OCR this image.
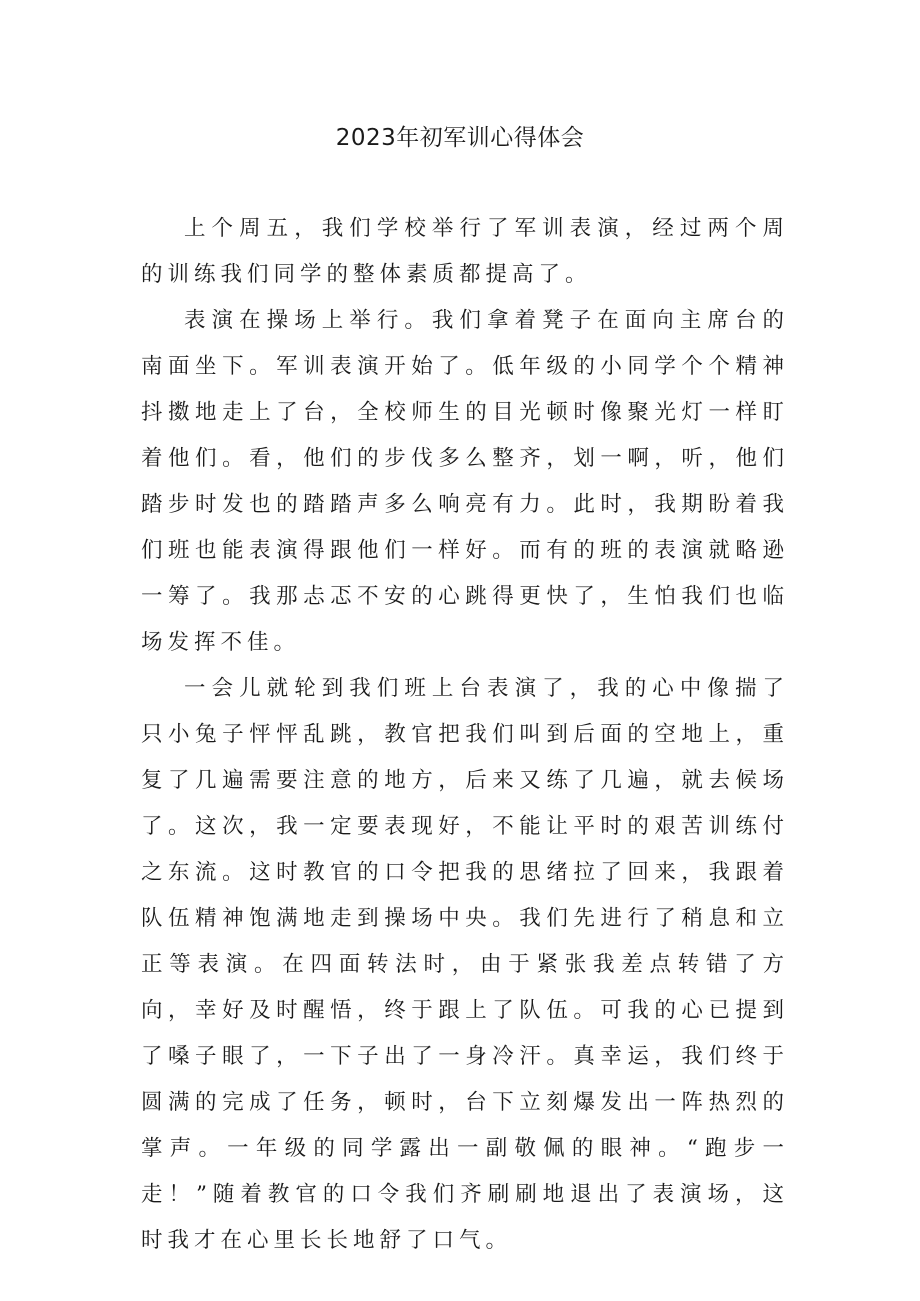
2023年初军训心得体会

上个周五，我们学校举行了军训表演，经过两个周的训练我们同学的整体素质都提高了。

表演在操场上举行。我们拿着凳子在面向主席台的南面坐下。军训表演开始了。低年级的小同学个个精神抖擞地走上了台，全校师生的目光顿时像聚光灯一样盯着他们。看，他们的步伐多么整齐，划一啊，听，他们踏步时发也的踏踏声多么响亮有力。此时，我期盼着我们班也能表演得跟他们一样好。而有的班的表演就略逊一筹了。我那忐忑不安的心跳得更快了，生怕我们也临场发挥不佳。

一会儿就轮到我们班上台表演了，我的心中像揣了只小兔子怦怦乱跳，教官把我们叫到后面的空地上，重复了几遍需要注意的地方，后来又练了几遍，就去候场了。这次，我一定要表现好，不能让平时的艰苦训练付之东流。这时教官的口令把我的思绪拉了回来，我跟着队伍精神饱满地走到操场中央。我们先进行了稍息和立正等表演。在四面转法时，由于紧张我差点转错了方向，幸好及时醒悟，终于跟上了队伍。可我的心已提到了嗓子眼了，一下子出了一身冷汗。真幸运，我们终于圆满的完成了任务，顿时，台下立刻爆发出一阵热烈的掌声。一年级的同学露出一副敬佩的眼神。“跑步一走！”随着教官的口令我们齐刷刷地退出了表演场，这时我才在心里长长地舒了口气。
